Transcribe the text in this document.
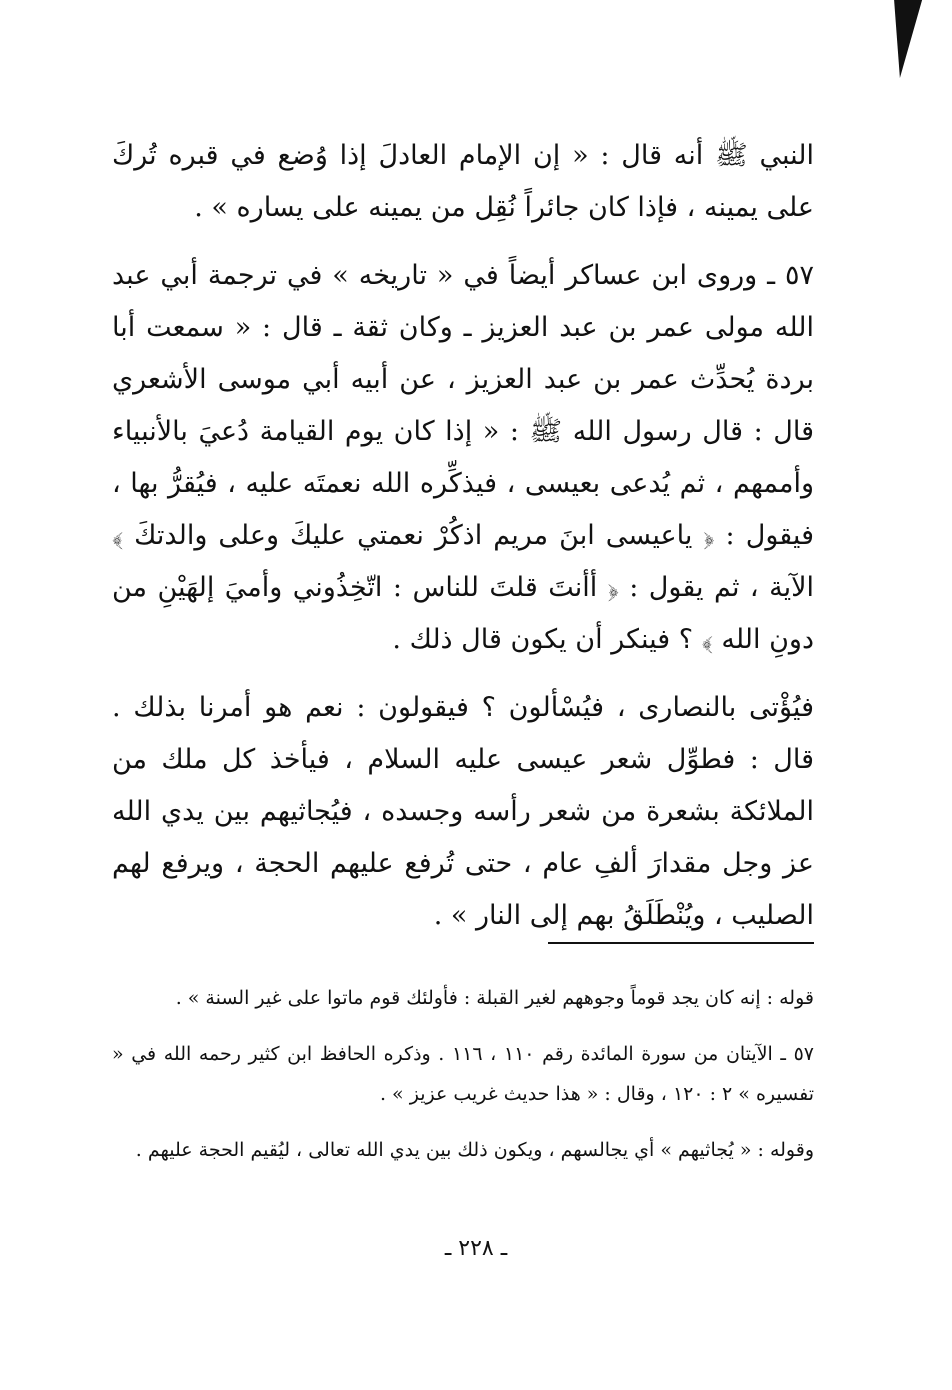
النبي ﷺ أنه قال : « إن الإمام العادلَ إذا وُضع في قبره تُركَ على يمينه ، فإذا كان جائراً نُقِل من يمينه على يساره » .

٥٧ ـ وروى ابن عساكر أيضاً في « تاريخه » في ترجمة أبي عبد الله مولى عمر بن عبد العزيز ـ وكان ثقة ـ قال : « سمعت أبا بردة يُحدِّث عمر بن عبد العزيز ، عن أبيه أبي موسى الأشعري قال : قال رسول الله ﷺ : « إذا كان يوم القيامة دُعيَ بالأنبياء وأممهم ، ثم يُدعى بعيسى ، فيذكِّره الله نعمتَه عليه ، فيُقرُّ بها ، فيقول : ﴿ ياعيسى ابنَ مريم اذكُرْ نعمتي عليكَ وعلى والدتكَ ﴾ الآية ، ثم يقول : ﴿ أأنتَ قلتَ للناس : اتّخِذُوني وأميَ إلهَيْنِ من دونِ الله ﴾ ؟ فينكر أن يكون قال ذلك .

فيُؤْتى بالنصارى ، فيُسْألون ؟ فيقولون : نعم هو أمرنا بذلك . قال : فطوِّل شعر عيسى عليه السلام ، فيأخذ كل ملك من الملائكة بشعرة من شعر رأسه وجسده ، فيُجاثيهم بين يدي الله عز وجل مقدارَ ألفِ عام ، حتى تُرفع عليهم الحجة ، ويرفع لهم الصليب ، ويُنْطَلَقُ بهم إلى النار » .

قوله : إنه كان يجد قوماً وجوههم لغير القبلة : فأولئك قوم ماتوا على غير السنة » .

٥٧ ـ الآيتان من سورة المائدة رقم ١١٠ ، ١١٦ . وذكره الحافظ ابن كثير رحمه الله في « تفسيره » ٢ : ١٢٠ ، وقال : « هذا حديث غريب عزيز » .

وقوله : « يُجاثيهم » أي يجالسهم ، ويكون ذلك بين يدي الله تعالى ، ليُقيم الحجة عليهم .

ـ ٢٢٨ ـ
